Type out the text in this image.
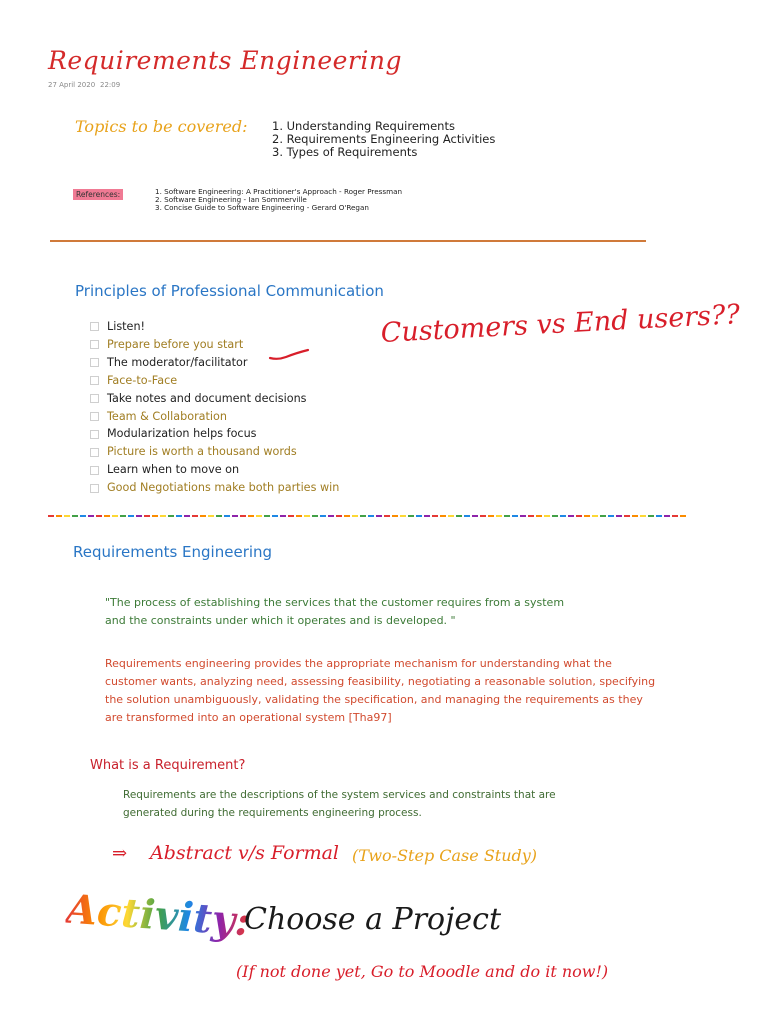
Requirements Engineering
27 April 2020 22:09
Topics to be covered: 1. Understanding Requirements
2. Requirements Engineering Activities
3. Types of Requirements
References:	1. Software Engineering: A Practitioner's Approach - Roger Pressman
2. Software Engineering - Ian Sommerville
3. Concise Guide to Software Engineering - Gerard O'Regan
Principles of Professional Communication
Listen!
Prepare before you start
The moderator/facilitator
Face-to-Face
Take notes and document decisions
Team & Collaboration
Modularization helps focus
Picture is worth a thousand words
Learn when to move on
Good Negotiations make both parties win
Customers vs End users??
Requirements Engineering
"The process of establishing the services that the customer requires from a system
and the constraints under which it operates and is developed. "
Requirements engineering provides the appropriate mechanism for understanding what the
customer wants, analyzing need, assessing feasibility, negotiating a reasonable solution, specifying
the solution unambiguously, validating the specification, and managing the requirements as they
are transformed into an operational system [Tha97]
What is a Requirement?
Requirements are the descriptions of the system services and constraints that are
generated during the requirements engineering process.
⇒ Abstract v/s Formal (Two-Step Case Study)
Activity:
Choose a Project
(If not done yet, Go to Moodle and do it now!)
